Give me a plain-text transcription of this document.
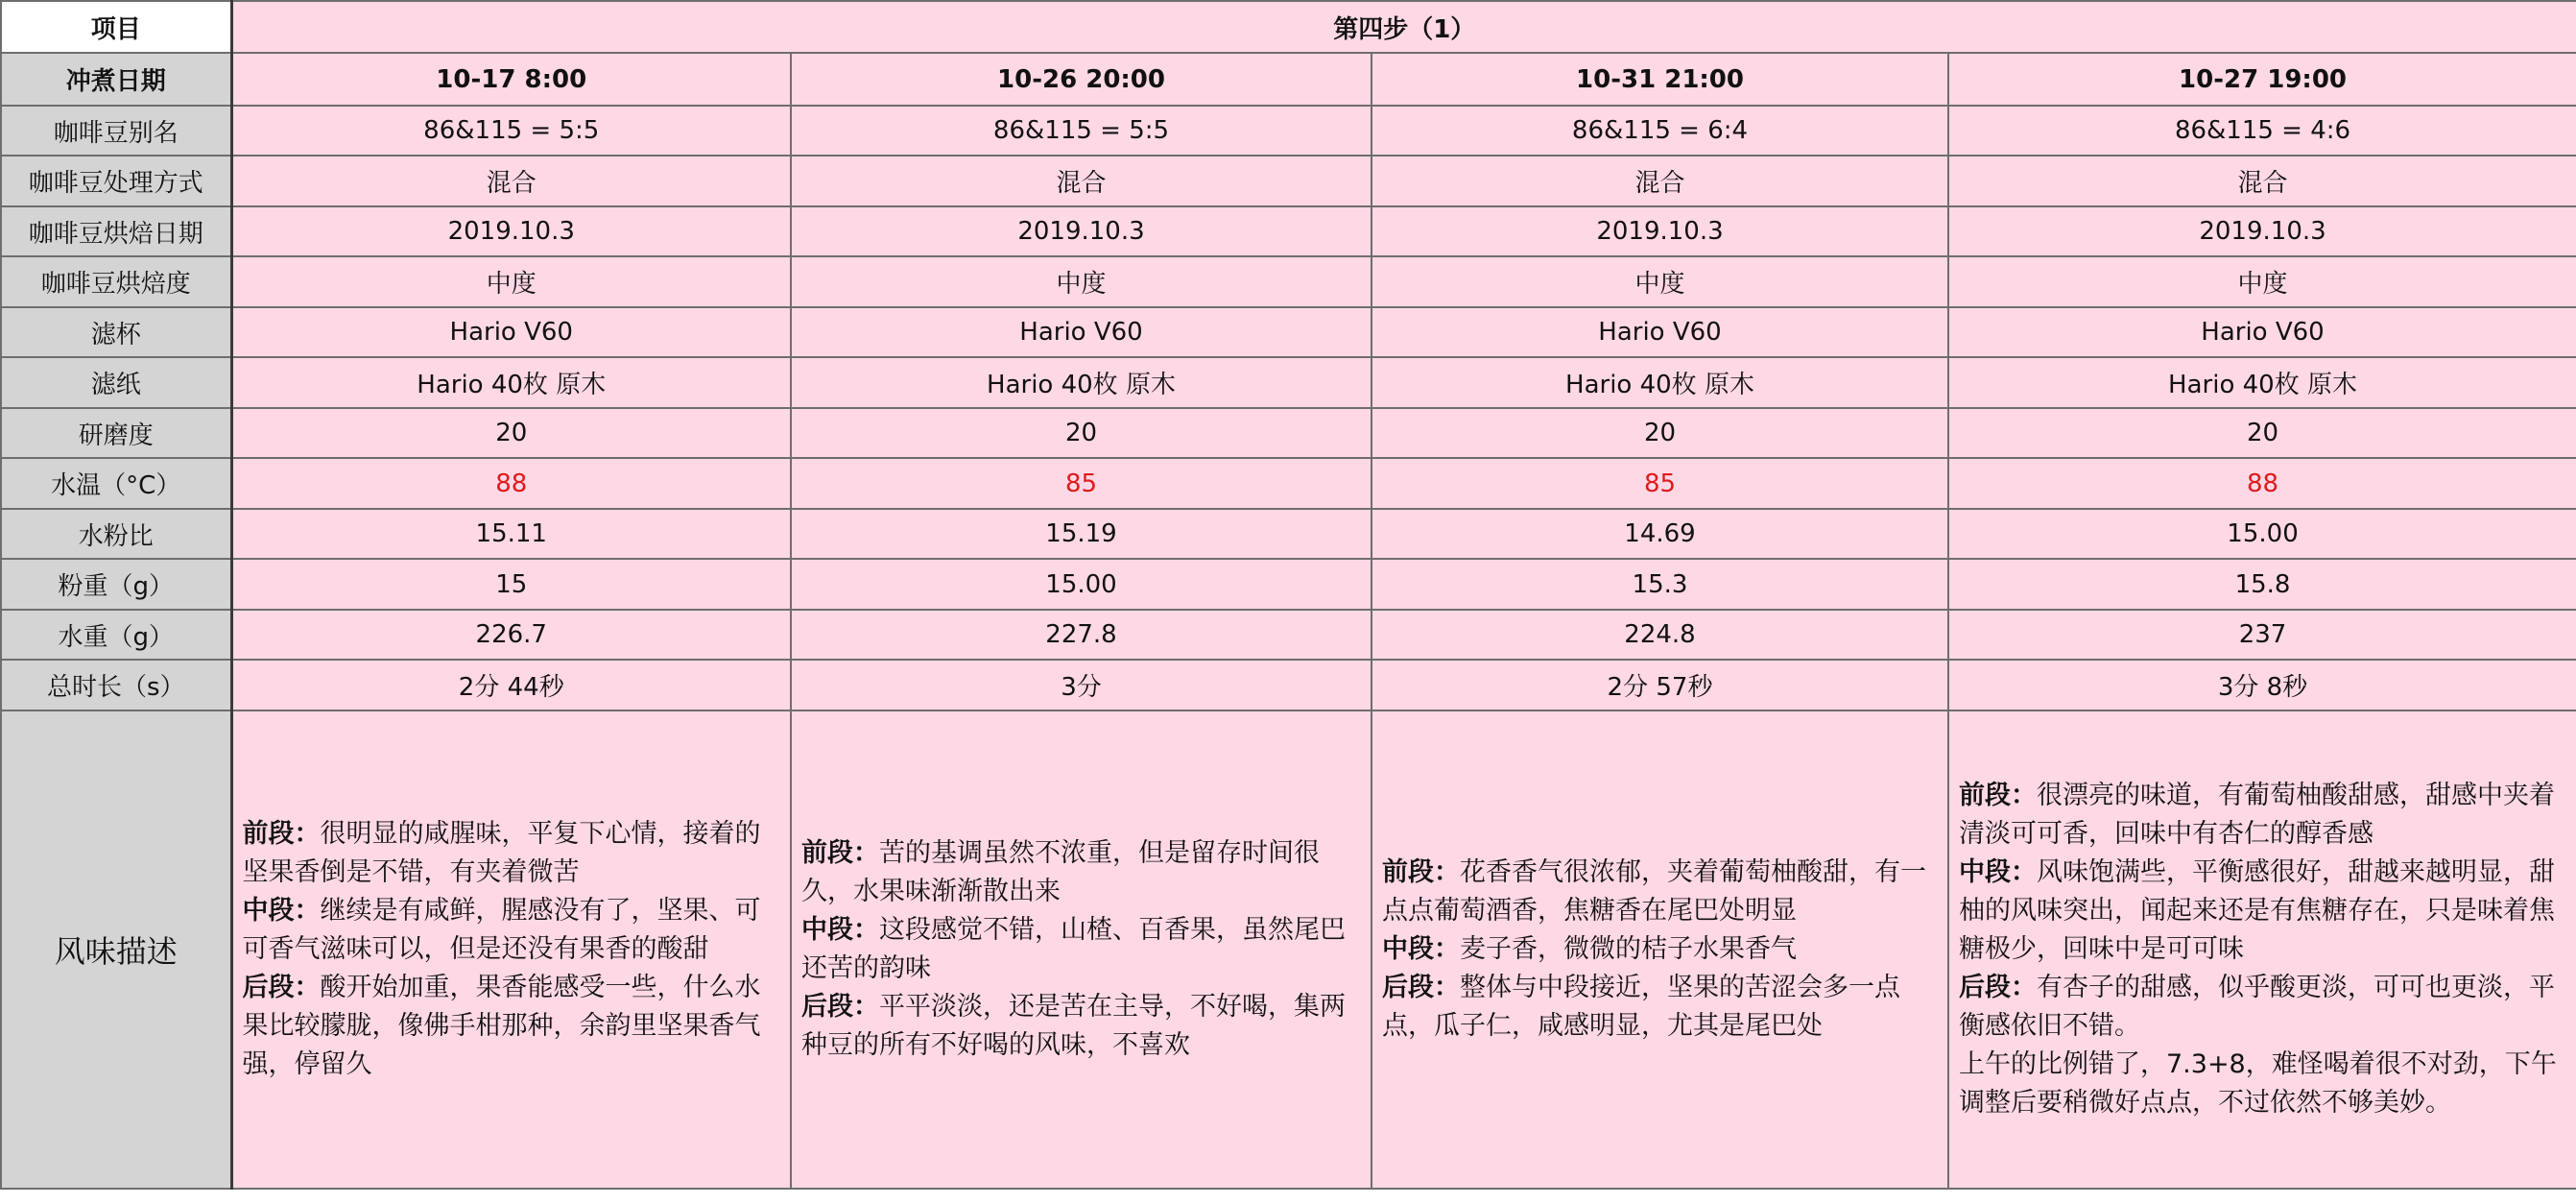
项目	第四步（1）			
冲煮日期	10-17 8:00	10-26 20:00	10-31 21:00	10-27 19:00
咖啡豆别名	86&115 = 5:5	86&115 = 5:5	86&115 = 6:4	86&115 = 4:6
咖啡豆处理方式	混合	混合	混合	混合
咖啡豆烘焙日期	2019.10.3	2019.10.3	2019.10.3	2019.10.3
咖啡豆烘焙度	中度	中度	中度	中度
滤杯	Hario V60	Hario V60	Hario V60	Hario V60
滤纸	Hario 40枚 原木	Hario 40枚 原木	Hario 40枚 原木	Hario 40枚 原木
研磨度	20	20	20	20
水温（°C）	88	85	85	88
水粉比	15.11	15.19	14.69	15.00
粉重（g）	15	15.00	15.3	15.8
水重（g）	226.7	227.8	224.8	237
总时长（s）	2分 44秒	3分	2分 57秒	3分 8秒
风味描述	前段：很明显的咸腥味，平复下心情，接着的坚果香倒是不错，有夹着微苦
中段：继续是有咸鲜，腥感没有了，坚果、可可香气滋味可以，但是还没有果香的酸甜
后段：酸开始加重，果香能感受一些，什么水果比较朦胧，像佛手柑那种，余韵里坚果香气强，停留久	前段：苦的基调虽然不浓重，但是留存时间很久，水果味渐渐散出来
中段：这段感觉不错，山楂、百香果，虽然尾巴还苦的韵味
后段：平平淡淡，还是苦在主导，不好喝，集两种豆的所有不好喝的风味，不喜欢	前段：花香香气很浓郁，夹着葡萄柚酸甜，有一点点葡萄酒香，焦糖香在尾巴处明显
中段：麦子香，微微的桔子水果香气
后段：整体与中段接近，坚果的苦涩会多一点点，瓜子仁，咸感明显，尤其是尾巴处	前段：很漂亮的味道，有葡萄柚酸甜感，甜感中夹着清淡可可香，回味中有杏仁的醇香感
中段：风味饱满些，平衡感很好，甜越来越明显，甜柚的风味突出，闻起来还是有焦糖存在，只是味着焦糖极少，回味中是可可味
后段：有杏子的甜感，似乎酸更淡，可可也更淡，平衡感依旧不错。
上午的比例错了，7.3+8，难怪喝着很不对劲，下午调整后要稍微好点点，不过依然不够美妙。
